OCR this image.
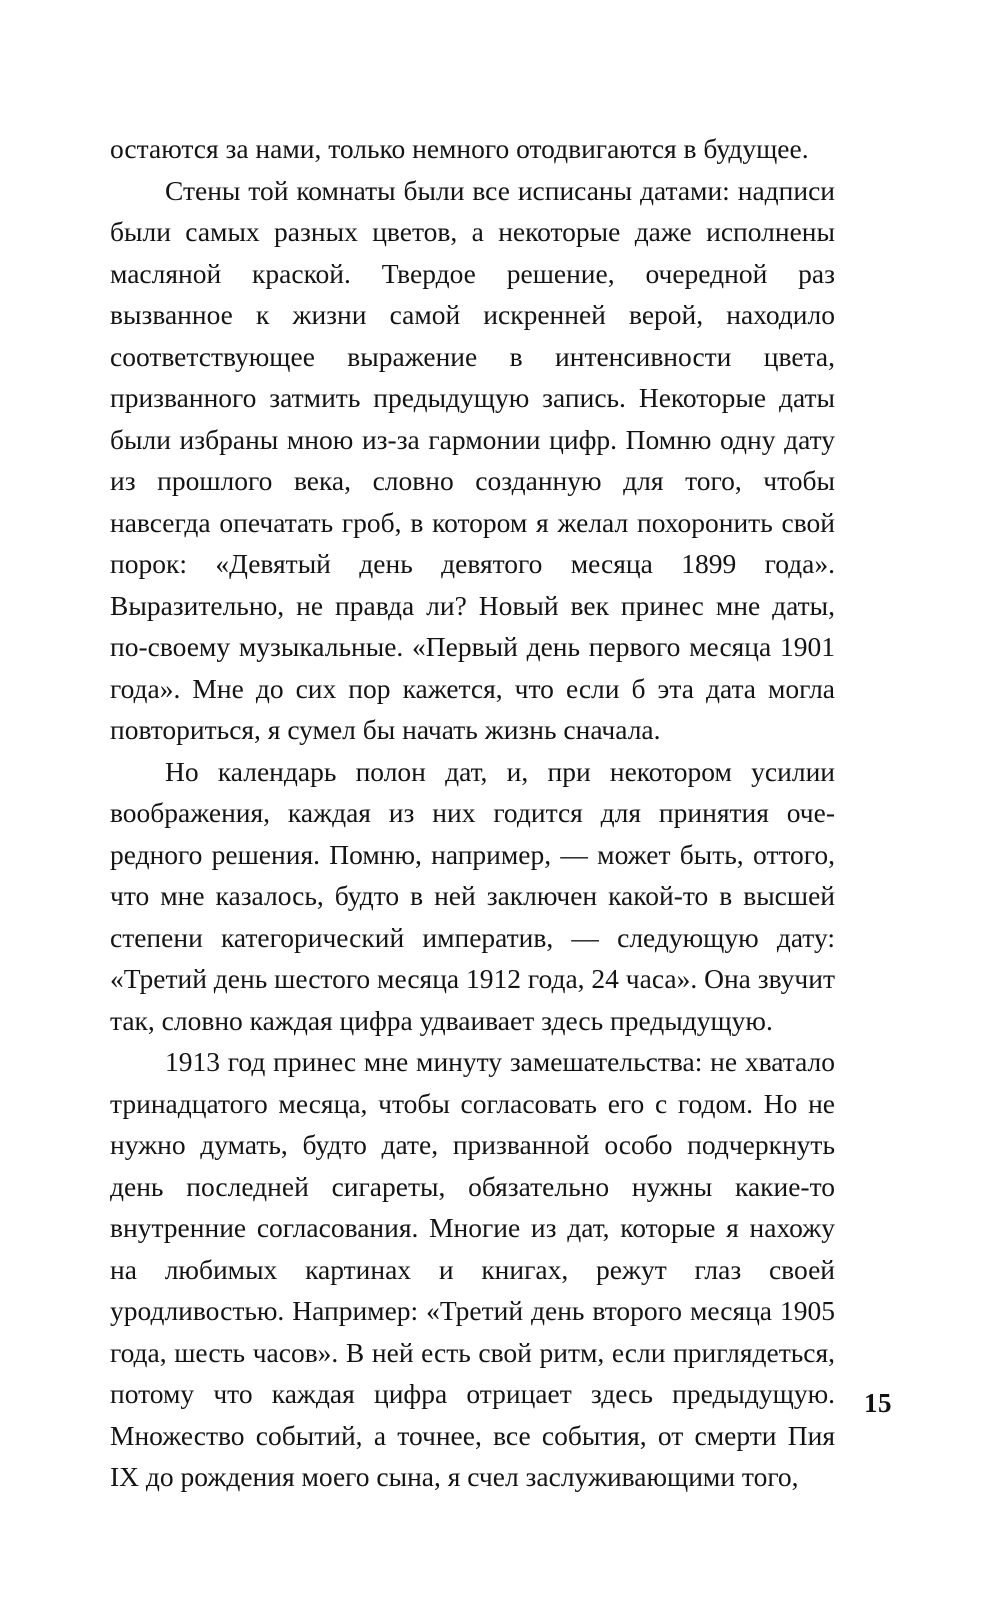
остаются за нами, только немного отодвигаются в будущее.

Стены той комнаты были все исписаны датами: надписи были самых разных цветов, а некоторые даже исполнены масляной краской. Твердое решение, очередной раз вызванное к жизни самой искренней верой, находило соответствующее выражение в интенсивности цвета, призванного затмить предыдущую запись. Некоторые даты были избраны мною из-за гармонии цифр. Помню одну дату из прошлого века, словно созданную для того, чтобы навсегда опечатать гроб, в котором я желал похоронить свой порок: «Девятый день девятого месяца 1899 года». Выразительно, не правда ли? Новый век принес мне даты, по-своему музыкальные. «Первый день первого месяца 1901 года». Мне до сих пор кажется, что если б эта дата могла повториться, я сумел бы начать жизнь сначала.

Но календарь полон дат, и, при некотором усилии воображения, каждая из них годится для принятия очередного решения. Помню, например, — может быть, оттого, что мне казалось, будто в ней заключен какой-то в высшей степени категорический императив, — следующую дату: «Третий день шестого месяца 1912 года, 24 часа». Она звучит так, словно каждая цифра удваивает здесь предыдущую.

1913 год принес мне минуту замешательства: не хватало тринадцатого месяца, чтобы согласовать его с годом. Но не нужно думать, будто дате, призванной особо подчеркнуть день последней сигареты, обязательно нужны какие-то внутренние согласования. Многие из дат, которые я нахожу на любимых картинах и книгах, режут глаз своей уродливостью. Например: «Третий день второго месяца 1905 года, шесть часов». В ней есть свой ритм, если приглядеться, потому что каждая цифра отрицает здесь предыдущую. Множество событий, а точнее, все события, от смерти Пия IX до рождения моего сына, я счел заслуживающими того,

15
